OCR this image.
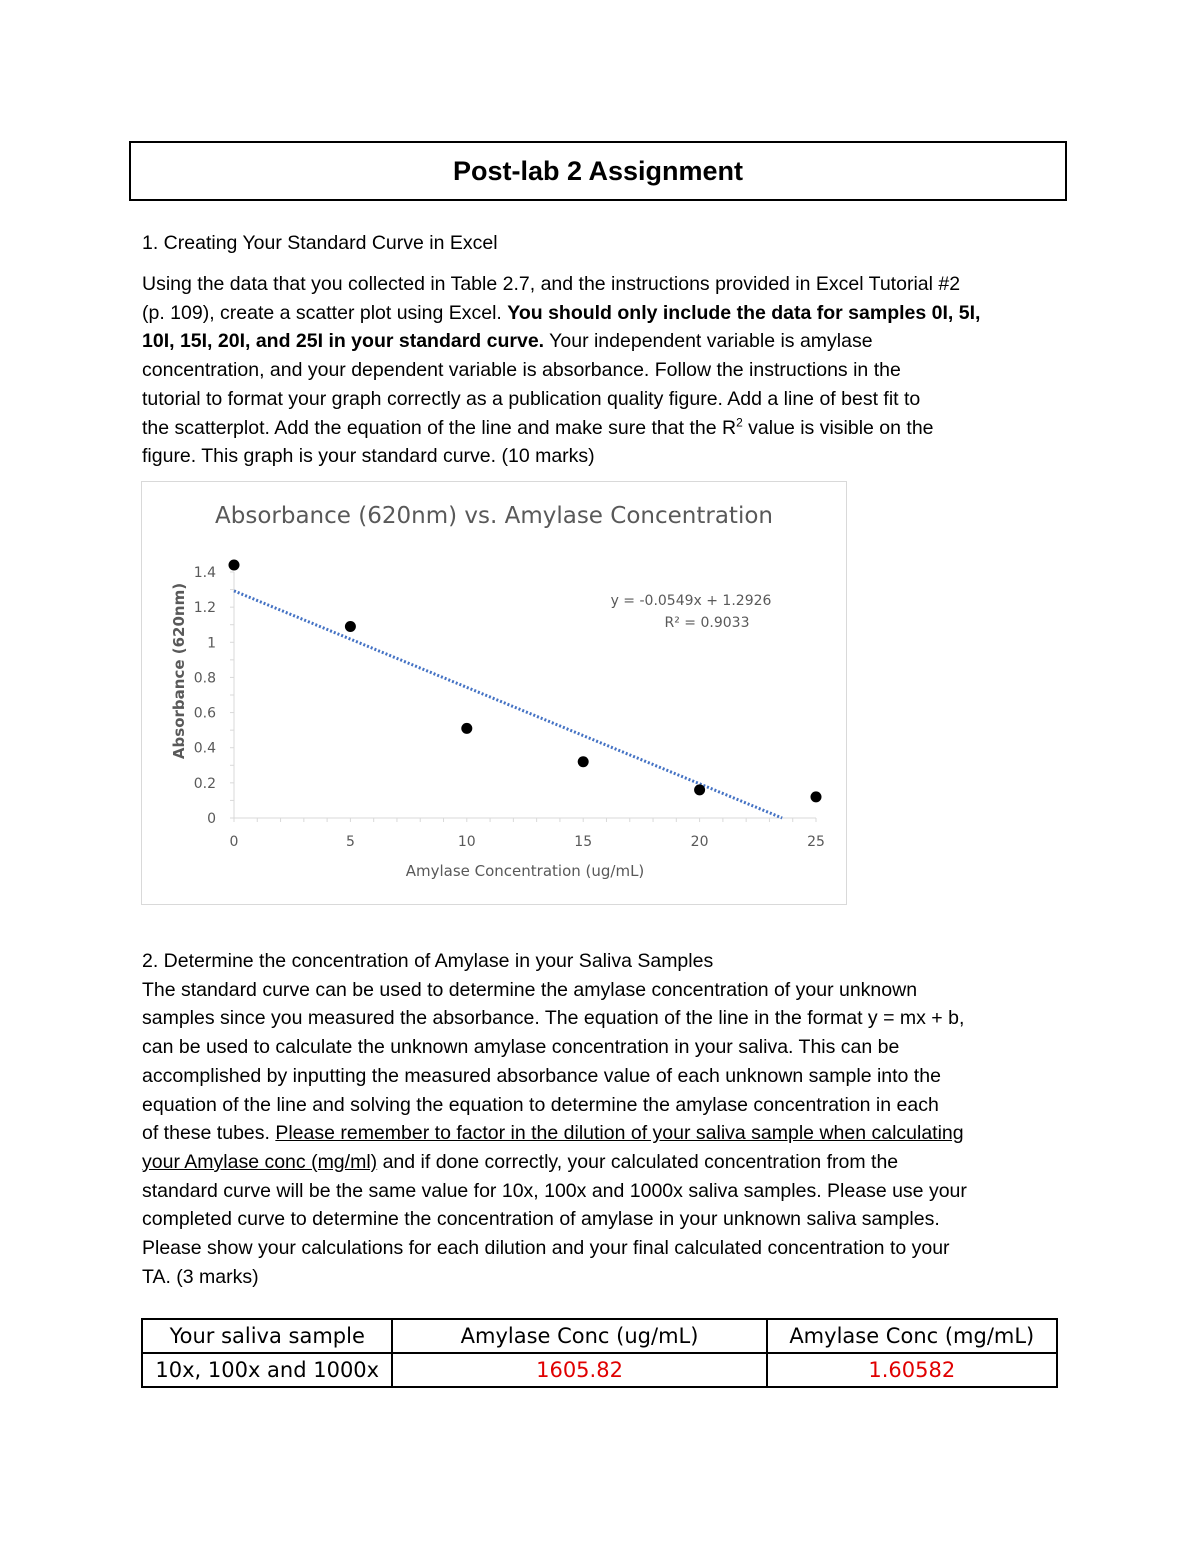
Post-lab 2 Assignment
1. Creating Your Standard Curve in Excel

Using the data that you collected in Table 2.7, and the instructions provided in Excel Tutorial #2

(p. 109), create a scatter plot using Excel. You should only include the data for samples 0I, 5I,

10I, 15I, 20I, and 25I in your standard curve. Your independent variable is amylase

concentration, and your dependent variable is absorbance. Follow the instructions in the

tutorial to format your graph correctly as a publication quality figure. Add a line of best fit to

the scatterplot. Add the equation of the line and make sure that the $R^2$ value is visible on the

figure. This graph is your standard curve. (10 marks)

Absorbance (620nm) vs. Amylase Concentration
Absorbance (620nm)
Amylase Concentration (ug/mL)
y = -0.0549x + 1.2926
R² = 0.9033
0	5	10	15	20	25
0
0.2
0.4
0.6
0.8
1
1.2
1.4

2. Determine the concentration of Amylase in your Saliva Samples

The standard curve can be used to determine the amylase concentration of your unknown

samples since you measured the absorbance. The equation of the line in the format y = mx + b,

can be used to calculate the unknown amylase concentration in your saliva. This can be

accomplished by inputting the measured absorbance value of each unknown sample into the

equation of the line and solving the equation to determine the amylase concentration in each

of these tubes. Please remember to factor in the dilution of your saliva sample when calculating

your Amylase conc (mg/ml) and if done correctly, your calculated concentration from the

standard curve will be the same value for 10x, 100x and 1000x saliva samples. Please use your

completed curve to determine the concentration of amylase in your unknown saliva samples.

Please show your calculations for each dilution and your final calculated concentration to your

TA. (3 marks)

Your saliva sample	Amylase Conc (ug/mL)	Amylase Conc (mg/mL)
10x, 100x and 1000x	1605.82	1.60582
